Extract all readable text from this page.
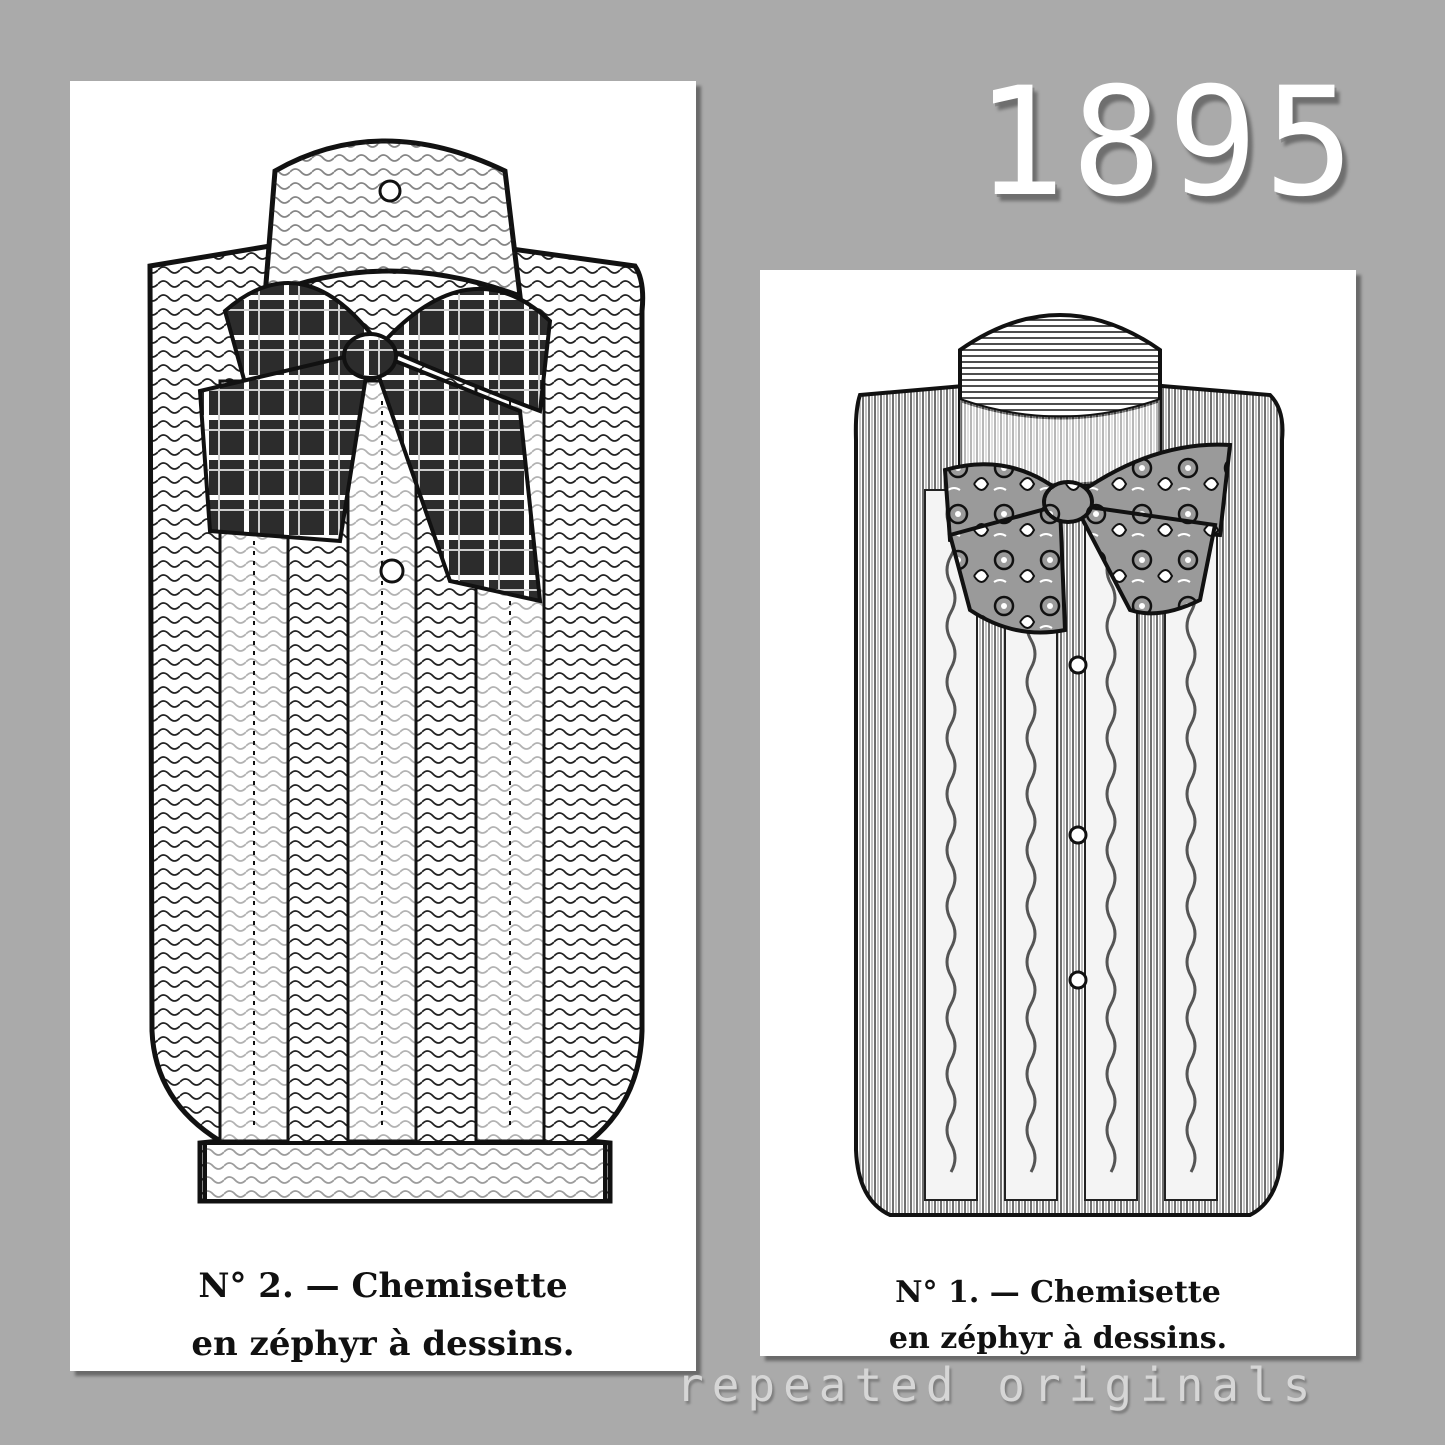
1895
N° 2. — Chemisette
en zéphyr à dessins.
N° 1. — Chemisette
en zéphyr à dessins.
repeated originals
